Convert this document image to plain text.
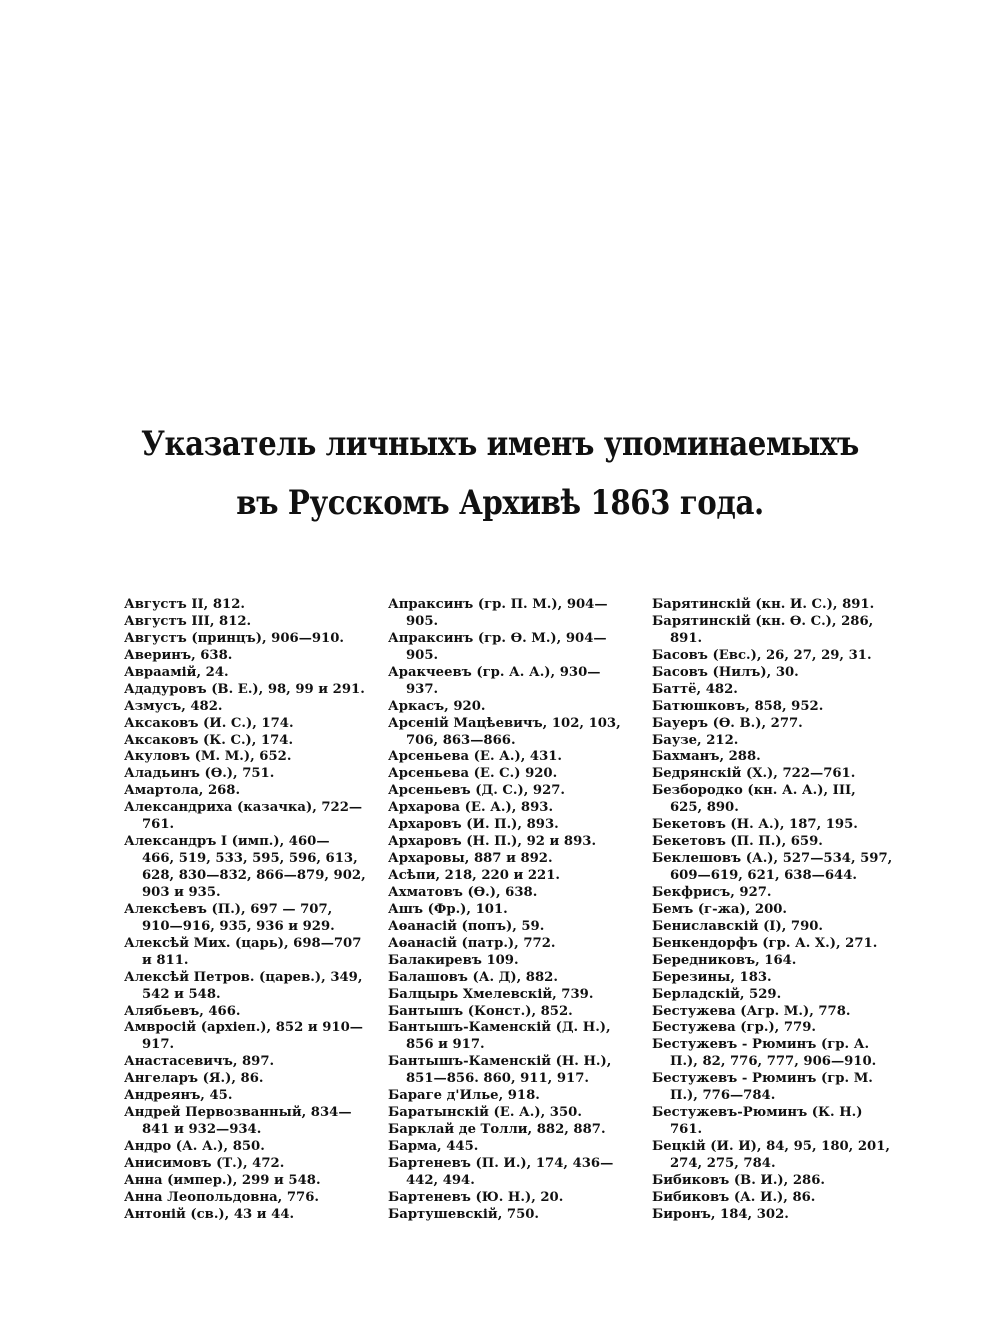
Указатель личныхъ именъ упоминаемыхъ
въ Русскомъ Архивѣ 1863 года.
Августъ II, 812.
Августъ III, 812.
Августъ (принцъ), 906—910.
Аверинъ, 638.
Авраамій, 24.
Ададуровъ (В. Е.), 98, 99 и 291.
Азмусъ, 482.
Аксаковъ (И. С.), 174.
Аксаковъ (К. С.), 174.
Акуловъ (М. М.), 652.
Аладьинъ (Ѳ.), 751.
Амартола, 268.
Александриха (казачка), 722—
761.
Александръ I (имп.), 460—
466, 519, 533, 595, 596, 613,
628, 830—832, 866—879, 902,
903 и 935.
Алексѣевъ (П.), 697 — 707,
910—916, 935, 936 и 929.
Алексѣй Мих. (царь), 698—707
и 811.
Алексѣй Петров. (царев.), 349,
542 и 548.
Алябьевъ, 466.
Амвросій (архіеп.), 852 и 910—
917.
Анастасевичъ, 897.
Ангеларъ (Я.), 86.
Андреянъ, 45.
Андрей Первозванный, 834—
841 и 932—934.
Андро (А. А.), 850.
Анисимовъ (Т.), 472.
Анна (импер.), 299 и 548.
Анна Леопольдовна, 776.
Антоній (св.), 43 и 44.
Апраксинъ (гр. П. М.), 904—
905.
Апраксинъ (гр. Ѳ. М.), 904—
905.
Аракчеевъ (гр. А. А.), 930—
937.
Аркасъ, 920.
Арсеній Мацѣевичъ, 102, 103,
706, 863—866.
Арсеньева (Е. А.), 431.
Арсеньева (Е. С.) 920.
Арсеньевъ (Д. С.), 927.
Архарова (Е. А.), 893.
Архаровъ (И. П.), 893.
Архаровъ (Н. П.), 92 и 893.
Архаровы, 887 и 892.
Асѣпи, 218, 220 и 221.
Ахматовъ (Ѳ.), 638.
Ашъ (Фр.), 101.
Аѳанасій (попъ), 59.
Аѳанасій (патр.), 772.
Балакиревъ 109.
Балашовъ (А. Д), 882.
Балцырь Хмелевскій, 739.
Бантышъ (Конст.), 852.
Бантышъ-Каменскій (Д. Н.),
856 и 917.
Бантышъ-Каменскій (Н. Н.),
851—856. 860, 911, 917.
Бараге д'Илье, 918.
Баратынскій (Е. А.), 350.
Барклай де Толли, 882, 887.
Барма, 445.
Бартеневъ (П. И.), 174, 436—
442, 494.
Бартеневъ (Ю. Н.), 20.
Бартушевскій, 750.
Барятинскій (кн. И. С.), 891.
Барятинскій (кн. Ѳ. С.), 286,
891.
Басовъ (Евс.), 26, 27, 29, 31.
Басовъ (Нилъ), 30.
Баттё, 482.
Батюшковъ, 858, 952.
Бауеръ (Ѳ. В.), 277.
Баузе, 212.
Бахманъ, 288.
Бедрянскій (Х.), 722—761.
Безбородко (кн. А. А.), III,
625, 890.
Бекетовъ (Н. А.), 187, 195.
Бекетовъ (П. П.), 659.
Беклешовъ (А.), 527—534, 597,
609—619, 621, 638—644.
Бекфрисъ, 927.
Бемъ (г-жа), 200.
Бениславскій (I), 790.
Бенкендорфъ (гр. А. Х.), 271.
Бередниковъ, 164.
Березины, 183.
Берладскій, 529.
Бестужева (Агр. М.), 778.
Бестужева (гр.), 779.
Бестужевъ - Рюминъ (гр. А.
П.), 82, 776, 777, 906—910.
Бестужевъ - Рюминъ (гр. М.
П.), 776—784.
Бестужевъ-Рюминъ (К. Н.)
761.
Бецкій (И. И), 84, 95, 180, 201,
274, 275, 784.
Бибиковъ (В. И.), 286.
Бибиковъ (А. И.), 86.
Биронъ, 184, 302.
